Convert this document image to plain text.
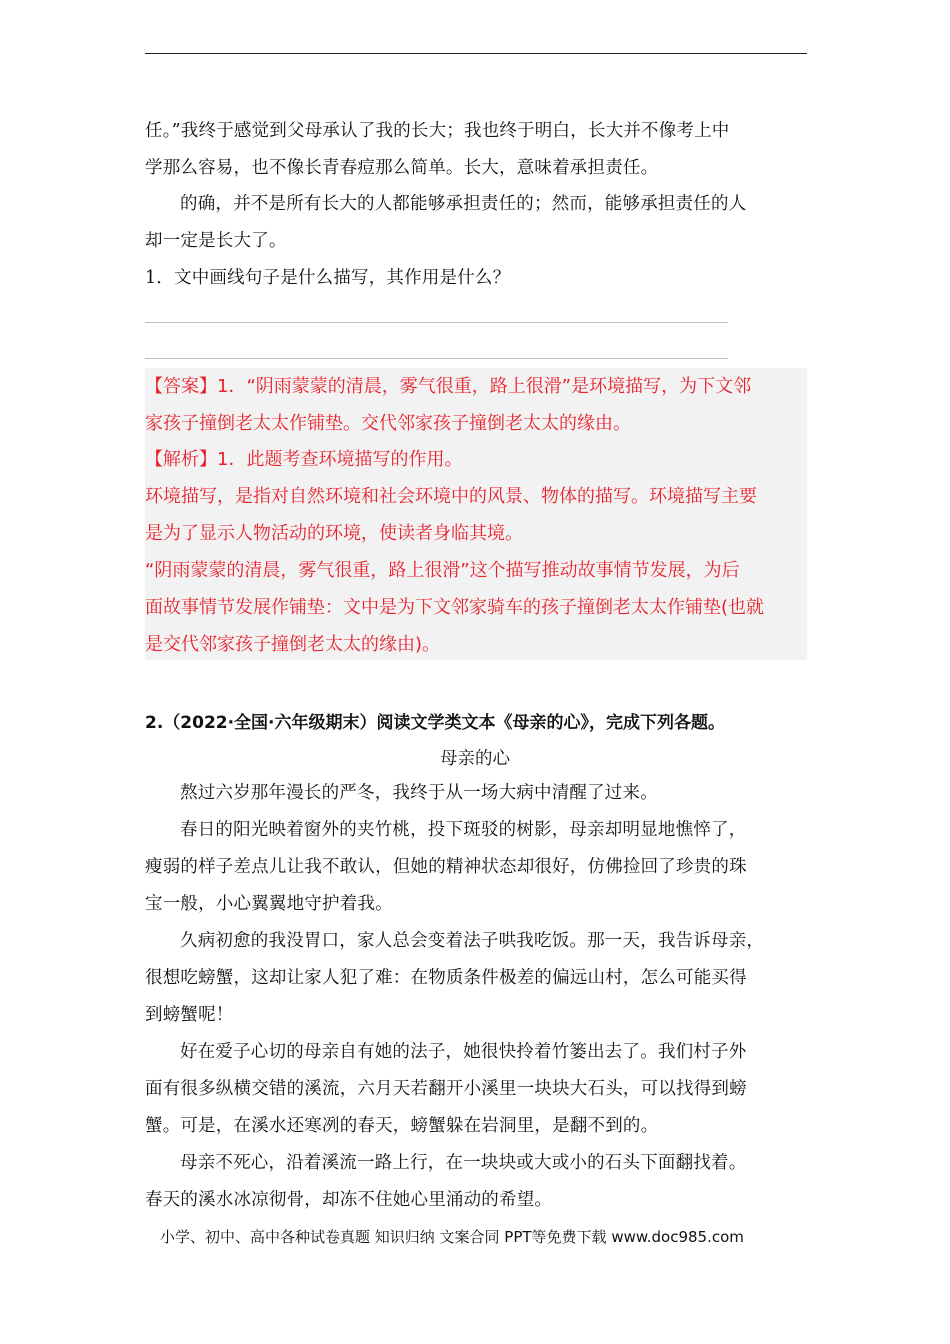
任。”我终于感觉到父母承认了我的长大；我也终于明白，长大并不像考上中
学那么容易，也不像长青春痘那么简单。长大，意味着承担责任。
的确，并不是所有长大的人都能够承担责任的；然而，能够承担责任的人
却一定是长大了。
1．文中画线句子是什么描写，其作用是什么？
【答案】1．“阴雨蒙蒙的清晨，雾气很重，路上很滑”是环境描写，为下文邻
家孩子撞倒老太太作铺垫。交代邻家孩子撞倒老太太的缘由。
【解析】1．此题考查环境描写的作用。
环境描写，是指对自然环境和社会环境中的风景、物体的描写。环境描写主要
是为了显示人物活动的环境，使读者身临其境。
“阴雨蒙蒙的清晨，雾气很重，路上很滑”这个描写推动故事情节发展，为后
面故事情节发展作铺垫：文中是为下文邻家骑车的孩子撞倒老太太作铺垫(也就
是交代邻家孩子撞倒老太太的缘由)。
2.（2022·全国·六年级期末）阅读文学类文本《母亲的心》，完成下列各题。
母亲的心
熬过六岁那年漫长的严冬，我终于从一场大病中清醒了过来。
春日的阳光映着窗外的夹竹桃，投下斑驳的树影，母亲却明显地憔悴了，
瘦弱的样子差点儿让我不敢认，但她的精神状态却很好，仿佛捡回了珍贵的珠
宝一般，小心翼翼地守护着我。
久病初愈的我没胃口，家人总会变着法子哄我吃饭。那一天，我告诉母亲，
很想吃螃蟹，这却让家人犯了难：在物质条件极差的偏远山村，怎么可能买得
到螃蟹呢！
好在爱子心切的母亲自有她的法子，她很快拎着竹篓出去了。我们村子外
面有很多纵横交错的溪流，六月天若翻开小溪里一块块大石头，可以找得到螃
蟹。可是，在溪水还寒冽的春天，螃蟹躲在岩洞里，是翻不到的。
母亲不死心，沿着溪流一路上行，在一块块或大或小的石头下面翻找着。
春天的溪水冰凉彻骨，却冻不住她心里涌动的希望。
小学、初中、高中各种试卷真题 知识归纳 文案合同 PPT等免费下载 www.doc985.com
